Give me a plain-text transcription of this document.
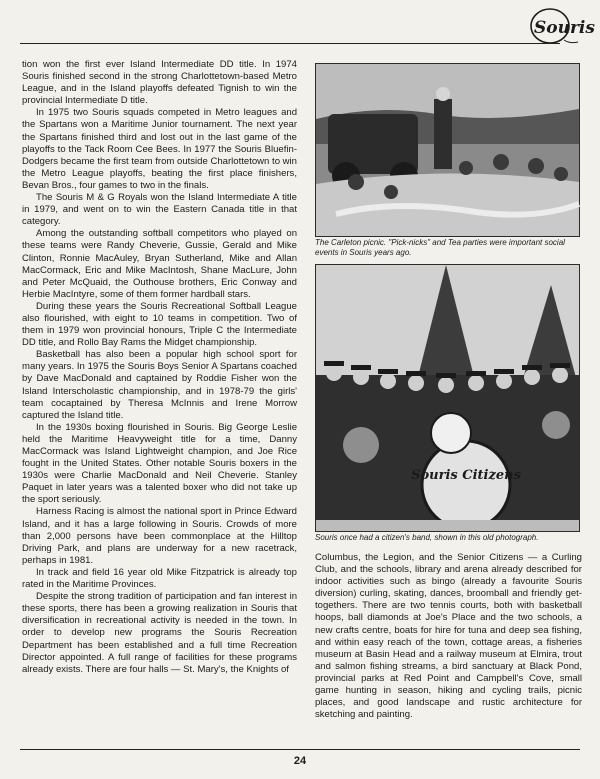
Souris

tion won the first ever Island Intermediate DD title. In 1974 Souris finished second in the strong Charlottetown-based Metro League, and in the Island playoffs defeated Tignish to win the provincial Intermediate D title.

In 1975 two Souris squads competed in Metro leagues and the Spartans won a Maritime Junior tournament. The next year the Spartans finished third and lost out in the last game of the playoffs to the Tack Room Cee Bees. In 1977 the Souris Bluefin-Dodgers became the first team from outside Charlottetown to win the Metro League playoffs, beating the first place finishers, Bevan Bros., four games to two in the finals.

The Souris M & G Royals won the Island Intermediate A title in 1979, and went on to win the Eastern Canada title in that category.

Among the outstanding softball competitors who played on these teams were Randy Cheverie, Gussie, Gerald and Mike Clinton, Ronnie MacAuley, Bryan Sutherland, Mike and Allan MacCormack, Eric and Mike MacIntosh, Shane MacLure, John and Peter McQuaid, the Outhouse brothers, Eric Conway and Herbie MacIntyre, some of them former hardball stars.

During these years the Souris Recreational Softball League also flourished, with eight to 10 teams in competition. Two of them in 1979 won provincial honours, Triple C the Intermediate DD title, and Rollo Bay Rams the Midget championship.

Basketball has also been a popular high school sport for many years. In 1975 the Souris Boys Senior A Spartans coached by Dave MacDonald and captained by Roddie Fisher won the Island Interscholastic championship, and in 1978-79 the girls' team cocaptained by Theresa McInnis and Irene Morrow captured the Island title.

In the 1930s boxing flourished in Souris. Big George Leslie held the Maritime Heavyweight title for a time, Danny MacCormack was Island Lightweight champion, and Joe Rice fought in the United States. Other notable Souris boxers in the 1930s were Charlie MacDonald and Neil Cheverie. Stanley Paquet in later years was a talented boxer who did not take up the sport seriously.

Harness Racing is almost the national sport in Prince Edward Island, and it has a large following in Souris. Crowds of more than 2,000 persons have been commonplace at the Hilltop Driving Park, and plans are underway for a new racetrack, perhaps in 1981.

In track and field 16 year old Mike Fitzpatrick is already top rated in the Maritime Provinces.

Despite the strong tradition of participation and fan interest in these sports, there has been a growing realization in Souris that diversification in recreational activity is needed in the town. In order to develop new programs the Souris Recreation Department has been established and a full time Recreation Director appointed. A full range of facilities for these programs already exists. There are four halls — St. Mary's, the Knights of

The Carleton picnic. "Pick-nicks" and Tea parties were important social events in Souris years ago.

Souris Citizens

Souris once had a citizen's band, shown in this old photograph.

Columbus, the Legion, and the Senior Citizens — a Curling Club, and the schools, library and arena already described for indoor activities such as bingo (already a favourite Souris diversion) curling, skating, dances, broomball and friendly get-togethers. There are two tennis courts, both with basketball hoops, ball diamonds at Joe's Place and the two schools, a new crafts centre, boats for hire for tuna and deep sea fishing, and within easy reach of the town, cottage areas, a fisheries museum at Basin Head and a railway museum at Elmira, trout and salmon fishing streams, a bird sanctuary at Black Pond, provincial parks at Red Point and Campbell's Cove, small game hunting in season, hiking and cycling trails, picnic places, and good landscape and rustic architecture for sketching and painting.

24
